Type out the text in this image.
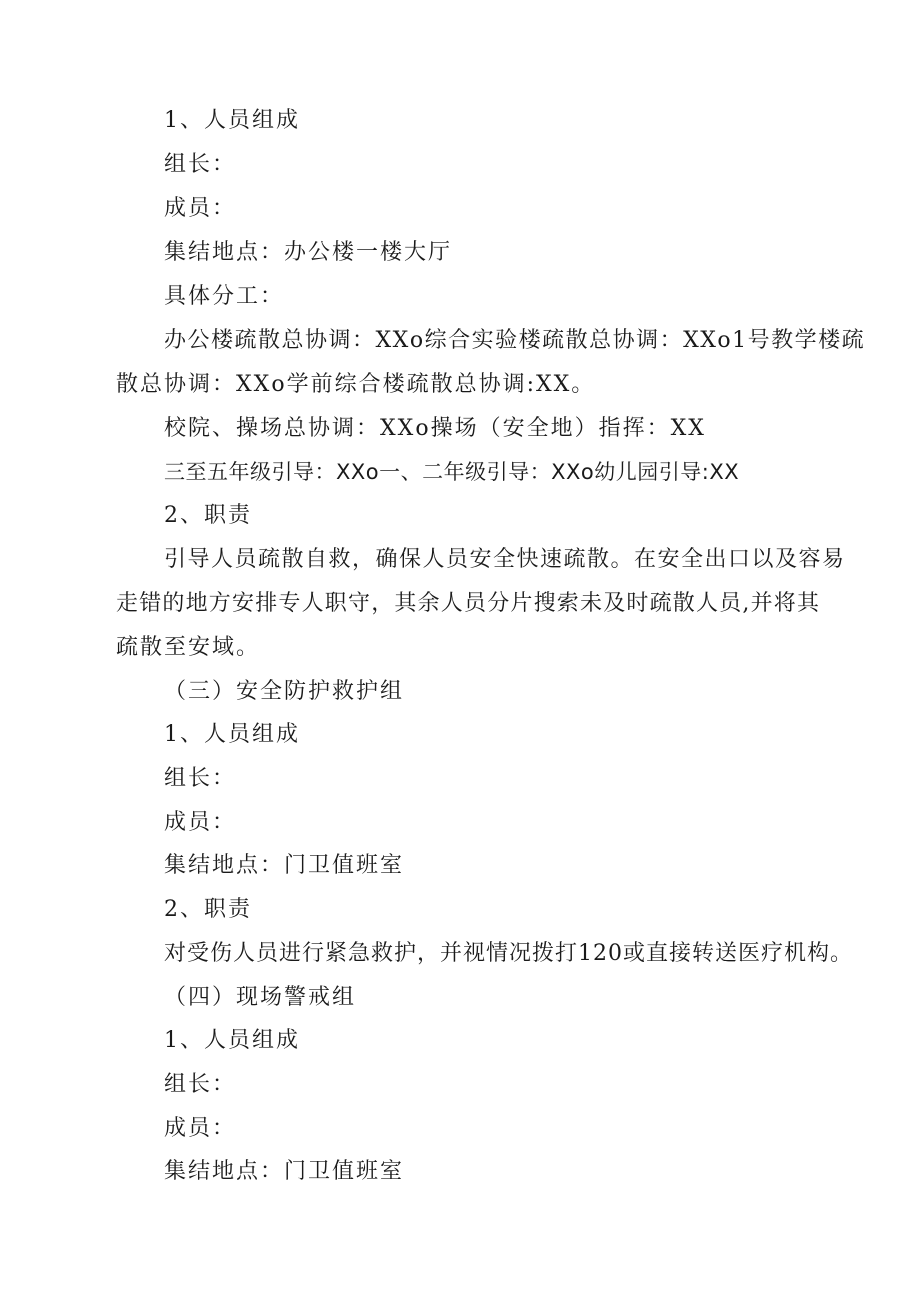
1、人员组成
组长：
成员：
集结地点：办公楼一楼大厅
具体分工：
办公楼疏散总协调：XXo综合实验楼疏散总协调：XXo1号教学楼疏
散总协调：XXo学前综合楼疏散总协调:XX。
校院、操场总协调：XXo操场（安全地）指挥：XX
三至五年级引导：XXo一、二年级引导：XXo幼儿园引导:XX
2、职责
引导人员疏散自救，确保人员安全快速疏散。在安全出口以及容易
走错的地方安排专人职守，其余人员分片搜索未及时疏散人员,并将其
疏散至安域。
（三）安全防护救护组
1、人员组成
组长：
成员：
集结地点：门卫值班室
2、职责
对受伤人员进行紧急救护，并视情况拨打120或直接转送医疗机构。
（四）现场警戒组
1、人员组成
组长：
成员：
集结地点：门卫值班室
